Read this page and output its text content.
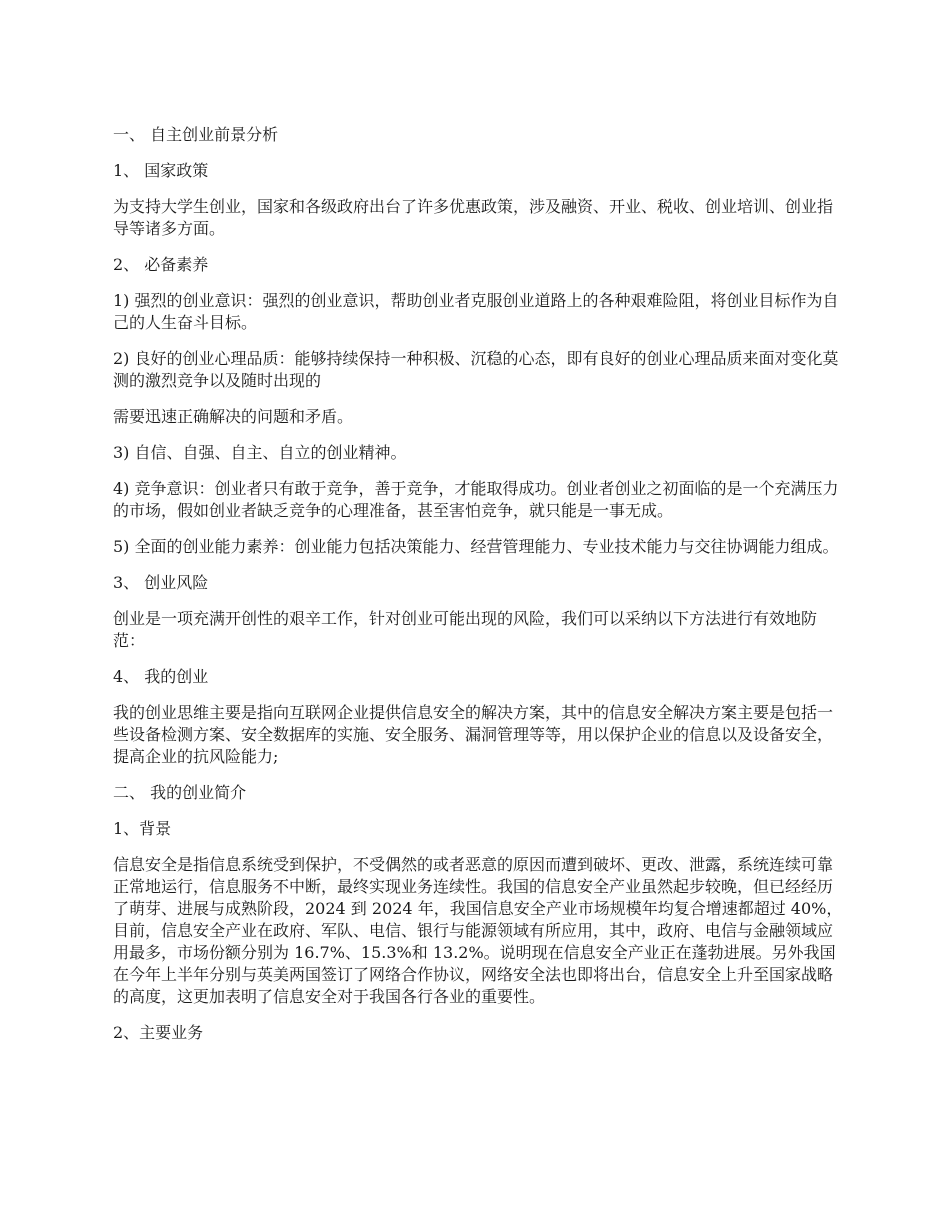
一、 自主创业前景分析

1、 国家政策

为支持大学生创业，国家和各级政府出台了许多优惠政策，涉及融资、开业、税收、创业培训、创业指导等诸多方面。

2、 必备素养

1) 强烈的创业意识：强烈的创业意识，帮助创业者克服创业道路上的各种艰难险阻，将创业目标作为自己的人生奋斗目标。

2) 良好的创业心理品质：能够持续保持一种积极、沉稳的心态，即有良好的创业心理品质来面对变化莫测的激烈竞争以及随时出现的

需要迅速正确解决的问题和矛盾。

3) 自信、自强、自主、自立的创业精神。

4) 竞争意识：创业者只有敢于竞争，善于竞争，才能取得成功。创业者创业之初面临的是一个充满压力的市场，假如创业者缺乏竞争的心理准备，甚至害怕竞争，就只能是一事无成。

5) 全面的创业能力素养：创业能力包括决策能力、经营管理能力、专业技术能力与交往协调能力组成。

3、 创业风险

创业是一项充满开创性的艰辛工作，针对创业可能出现的风险，我们可以采纳以下方法进行有效地防范：

4、 我的创业

我的创业思维主要是指向互联网企业提供信息安全的解决方案，其中的信息安全解决方案主要是包括一些设备检测方案、安全数据库的实施、安全服务、漏洞管理等等，用以保护企业的信息以及设备安全，提高企业的抗风险能力;

二、 我的创业简介

1、背景

信息安全是指信息系统受到保护，不受偶然的或者恶意的原因而遭到破坏、更改、泄露，系统连续可靠正常地运行，信息服务不中断，最终实现业务连续性。我国的信息安全产业虽然起步较晚，但已经经历了萌芽、进展与成熟阶段，2024 到 2024 年，我国信息安全产业市场规模年均复合增速都超过 40%，目前，信息安全产业在政府、军队、电信、银行与能源领域有所应用，其中，政府、电信与金融领域应用最多，市场份额分别为 16.7%、15.3%和 13.2%。说明现在信息安全产业正在蓬勃进展。另外我国在今年上半年分别与英美两国签订了网络合作协议，网络安全法也即将出台，信息安全上升至国家战略的高度，这更加表明了信息安全对于我国各行各业的重要性。

2、主要业务
